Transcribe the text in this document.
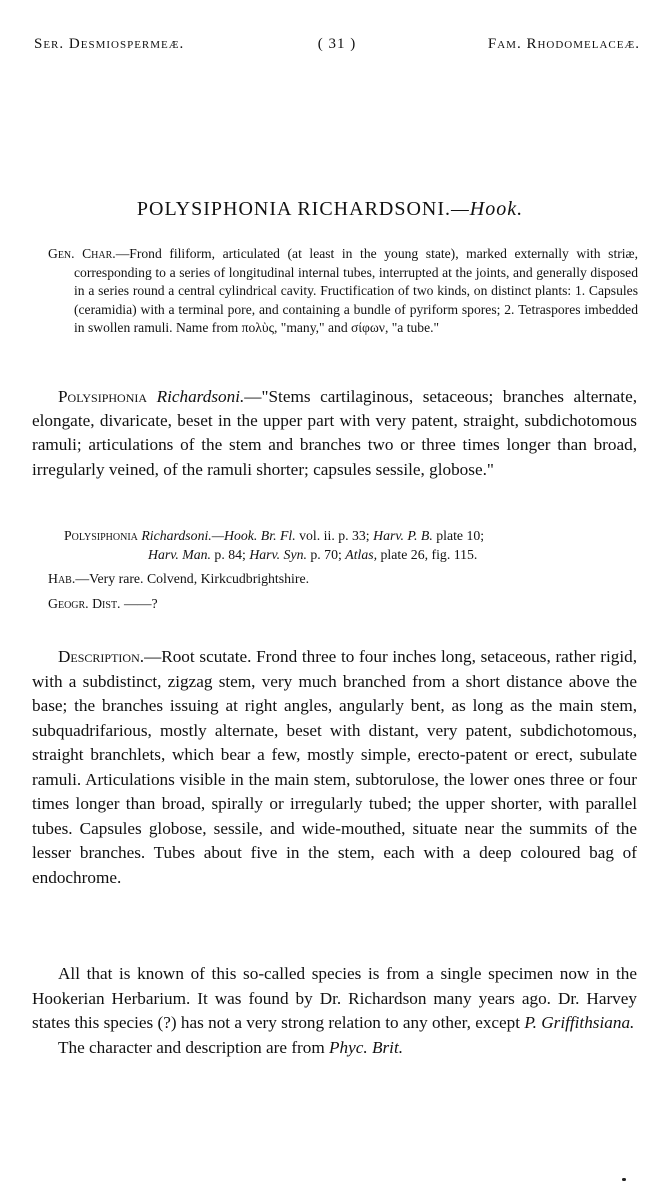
Ser. Desmiospermeæ.	( 31 )	Fam. Rhodomelaceæ.
POLYSIPHONIA RICHARDSONI.—Hook.
Gen. Char.—Frond filiform, articulated (at least in the young state), marked externally with striæ, corresponding to a series of longitudinal internal tubes, interrupted at the joints, and generally disposed in a series round a central cylindrical cavity. Fructification of two kinds, on distinct plants: 1. Capsules (ceramidia) with a terminal pore, and containing a bundle of pyriform spores; 2. Tetraspores imbedded in swollen ramuli. Name from πολὺς, "many," and σίφων, "a tube."
Polysiphonia Richardsoni.—"Stems cartilaginous, setaceous; branches alternate, elongate, divaricate, beset in the upper part with very patent, straight, subdichotomous ramuli; articulations of the stem and branches two or three times longer than broad, irregularly veined, of the ramuli shorter; capsules sessile, globose."
Polysiphonia Richardsoni.—Hook. Br. Fl. vol. ii. p. 33; Harv. P. B. plate 10;
Harv. Man. p. 84; Harv. Syn. p. 70; Atlas, plate 26, fig. 115.
Hab.—Very rare. Colvend, Kirkcudbrightshire.
Geogr. Dist. ——?
Description.—Root scutate. Frond three to four inches long, setaceous, rather rigid, with a subdistinct, zigzag stem, very much branched from a short distance above the base; the branches issuing at right angles, angularly bent, as long as the main stem, subquadrifarious, mostly alternate, beset with distant, very patent, subdichotomous, straight branchlets, which bear a few, mostly simple, erecto-patent or erect, subulate ramuli. Articulations visible in the main stem, subtorulose, the lower ones three or four times longer than broad, spirally or irregularly tubed; the upper shorter, with parallel tubes. Capsules globose, sessile, and wide-mouthed, situate near the summits of the lesser branches. Tubes about five in the stem, each with a deep coloured bag of endochrome.

All that is known of this so-called species is from a single specimen now in the Hookerian Herbarium. It was found by Dr. Richardson many years ago. Dr. Harvey states this species (?) has not a very strong relation to any other, except P. Griffithsiana.

The character and description are from Phyc. Brit.
